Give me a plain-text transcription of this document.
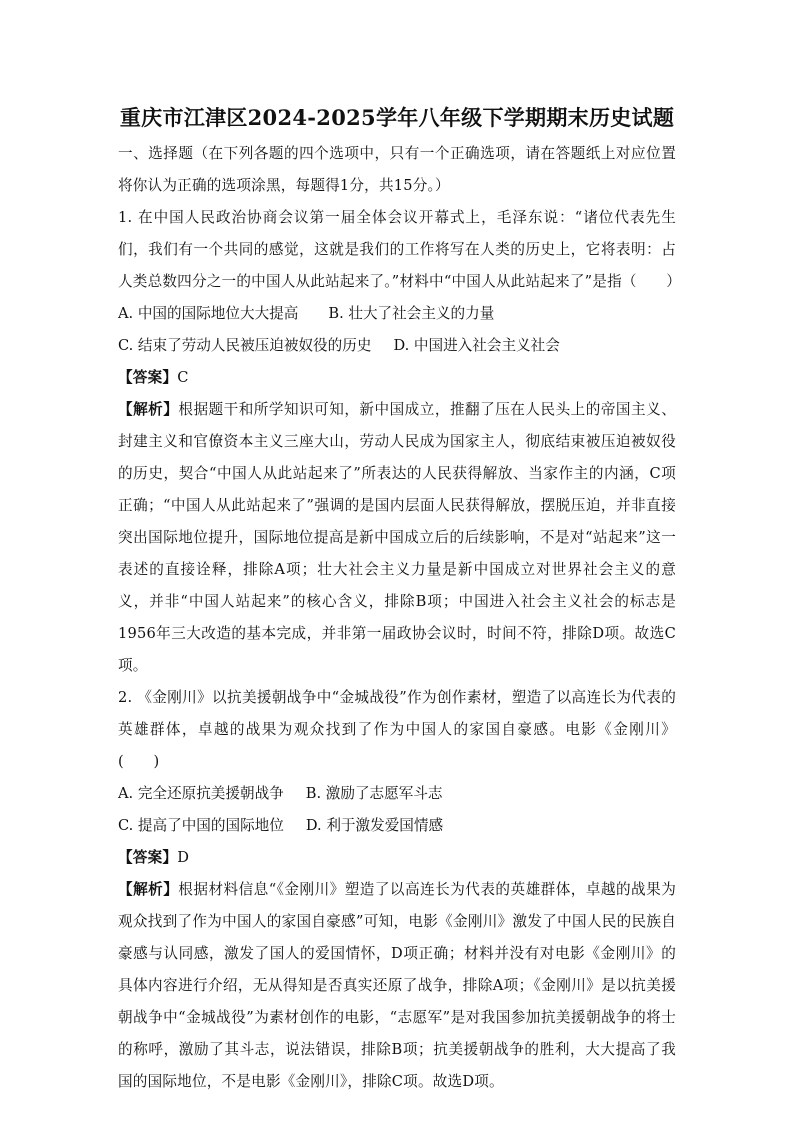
重庆市江津区2024-2025学年八年级下学期期末历史试题

一、选择题（在下列各题的四个选项中，只有一个正确选项，请在答题纸上对应位置将你认为正确的选项涂黑，每题得1分，共15分。）

1. 在中国人民政治协商会议第一届全体会议开幕式上，毛泽东说：“诸位代表先生们，我们有一个共同的感觉，这就是我们的工作将写在人类的历史上，它将表明：占人类总数四分之一的中国人从此站起来了。”材料中“中国人从此站起来了”是指（　　）

A. 中国的国际地位大大提高 B. 壮大了社会主义的力量
C. 结束了劳动人民被压迫被奴役的历史 D. 中国进入社会主义社会

【答案】C

【解析】根据题干和所学知识可知，新中国成立，推翻了压在人民头上的帝国主义、封建主义和官僚资本主义三座大山，劳动人民成为国家主人，彻底结束被压迫被奴役的历史，契合“中国人从此站起来了”所表达的人民获得解放、当家作主的内涵，C项正确；“中国人从此站起来了”强调的是国内层面人民获得解放，摆脱压迫，并非直接突出国际地位提升，国际地位提高是新中国成立后的后续影响，不是对“站起来”这一表述的直接诠释，排除A项；壮大社会主义力量是新中国成立对世界社会主义的意义，并非“中国人站起来”的核心含义，排除B项；中国进入社会主义社会的标志是1956年三大改造的基本完成，并非第一届政协会议时，时间不符，排除D项。故选C项。

2. 《金刚川》以抗美援朝战争中“金城战役”作为创作素材，塑造了以高连长为代表的英雄群体，卓越的战果为观众找到了作为中国人的家国自豪感。电影《金刚川》(　　)

A. 完全还原抗美援朝战争 B. 激励了志愿军斗志
C. 提高了中国的国际地位 D. 利于激发爱国情感

【答案】D

【解析】根据材料信息“《金刚川》塑造了以高连长为代表的英雄群体，卓越的战果为观众找到了作为中国人的家国自豪感”可知，电影《金刚川》激发了中国人民的民族自豪感与认同感，激发了国人的爱国情怀，D项正确；材料并没有对电影《金刚川》的具体内容进行介绍，无从得知是否真实还原了战争，排除A项；《金刚川》是以抗美援朝战争中“金城战役”为素材创作的电影，“志愿军”是对我国参加抗美援朝战争的将士的称呼，激励了其斗志，说法错误，排除B项；抗美援朝战争的胜利，大大提高了我国的国际地位，不是电影《金刚川》，排除C项。故选D项。
